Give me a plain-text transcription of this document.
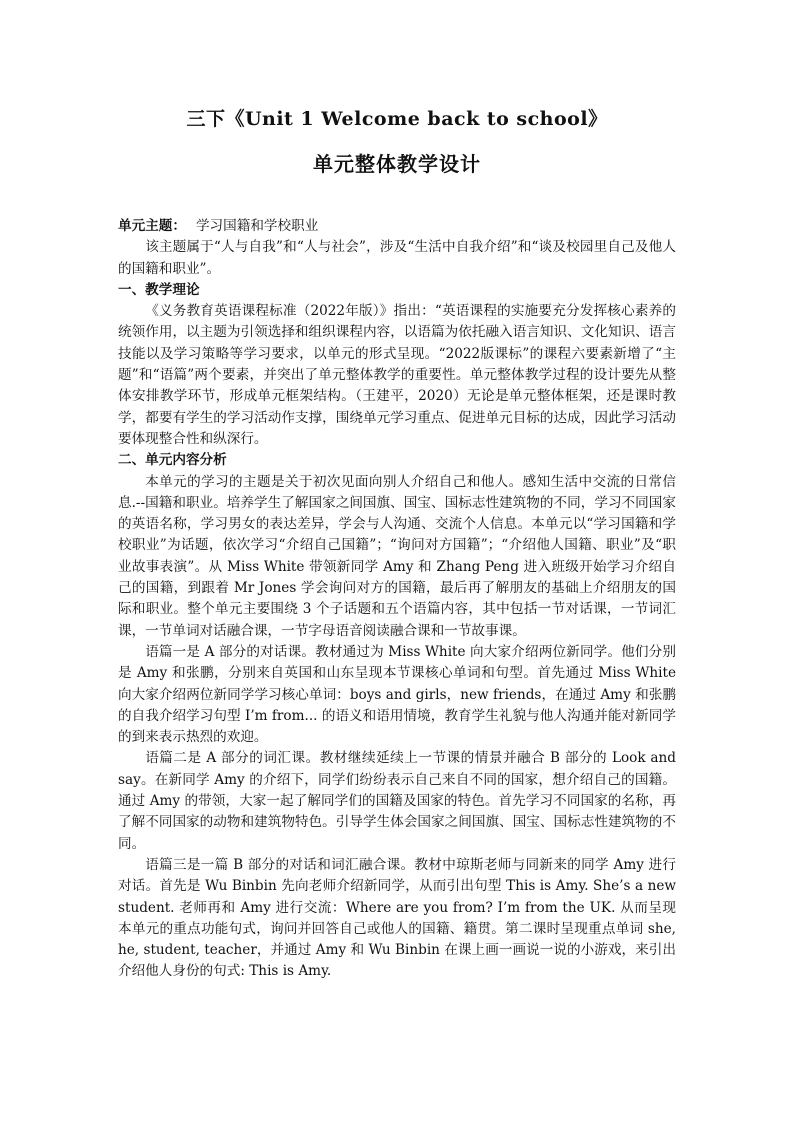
三下《Unit 1 Welcome back to school》
单元整体教学设计

单元主题： 学习国籍和学校职业

该主题属于“人与自我”和“人与社会”，涉及“生活中自我介绍”和“谈及校园里自己及他人的国籍和职业”。

一、教学理论

《义务教育英语课程标准（2022年版）》指出：“英语课程的实施要充分发挥核心素养的统领作用，以主题为引领选择和组织课程内容，以语篇为依托融入语言知识、文化知识、语言技能以及学习策略等学习要求，以单元的形式呈现。“2022版课标”的课程六要素新增了“主题”和“语篇”两个要素，并突出了单元整体教学的重要性。单元整体教学过程的设计要先从整体安排教学环节，形成单元框架结构。（王建平，2020）无论是单元整体框架，还是课时教学，都要有学生的学习活动作支撑，围绕单元学习重点、促进单元目标的达成，因此学习活动要体现整合性和纵深行。

二、单元内容分析

本单元的学习的主题是关于初次见面向别人介绍自己和他人。感知生活中交流的日常信息.--国籍和职业。培养学生了解国家之间国旗、国宝、国标志性建筑物的不同，学习不同国家的英语名称，学习男女的表达差异，学会与人沟通、交流个人信息。本单元以“学习国籍和学校职业”为话题，依次学习“介绍自己国籍”；“询问对方国籍”；“介绍他人国籍、职业”及“职业故事表演”。从 Miss White 带领新同学 Amy 和 Zhang Peng 进入班级开始学习介绍自己的国籍，到跟着 Mr Jones 学会询问对方的国籍，最后再了解朋友的基础上介绍朋友的国际和职业。整个单元主要围绕 3 个子话题和五个语篇内容，其中包括一节对话课，一节词汇课，一节单词对话融合课，一节字母语音阅读融合课和一节故事课。

语篇一是 A 部分的对话课。教材通过为 Miss White 向大家介绍两位新同学。他们分别是 Amy 和张鹏，分别来自英国和山东呈现本节课核心单词和句型。首先通过 Miss White 向大家介绍两位新同学学习核心单词：boys and girls，new friends，在通过 Amy 和张鹏的自我介绍学习句型 I’m from... 的语义和语用情境，教育学生礼貌与他人沟通并能对新同学的到来表示热烈的欢迎。

语篇二是 A 部分的词汇课。教材继续延续上一节课的情景并融合 B 部分的 Look and say。在新同学 Amy 的介绍下，同学们纷纷表示自己来自不同的国家，想介绍自己的国籍。通过 Amy 的带领，大家一起了解同学们的国籍及国家的特色。首先学习不同国家的名称，再了解不同国家的动物和建筑物特色。引导学生体会国家之间国旗、国宝、国标志性建筑物的不同。

语篇三是一篇 B 部分的对话和词汇融合课。教材中琼斯老师与同新来的同学 Amy 进行对话。首先是 Wu Binbin 先向老师介绍新同学，从而引出句型 This is Amy. She’s a new student. 老师再和 Amy 进行交流：Where are you from? I’m from the UK. 从而呈现本单元的重点功能句式，询问并回答自己或他人的国籍、籍贯。第二课时呈现重点单词 she, he, student, teacher，并通过 Amy 和 Wu Binbin 在课上画一画说一说的小游戏，来引出介绍他人身份的句式: This is Amy.
